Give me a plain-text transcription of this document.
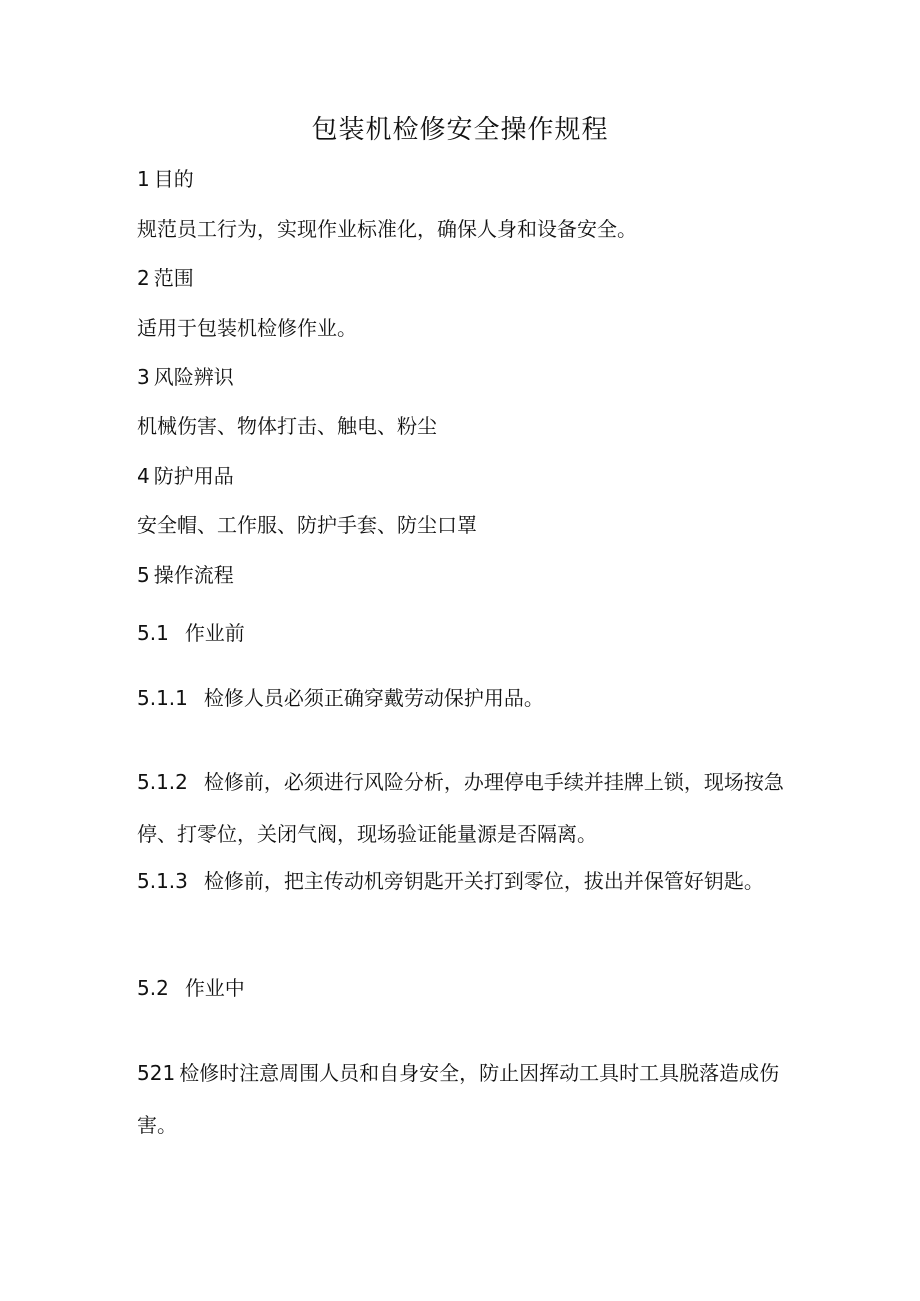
包装机检修安全操作规程
1 目的
规范员工行为，实现作业标准化，确保人身和设备安全。
2 范围
适用于包装机检修作业。
3 风险辨识
机械伤害、物体打击、触电、粉尘
4 防护用品
安全帽、工作服、防护手套、防尘口罩
5 操作流程
5.1 作业前
5.1.1 检修人员必须正确穿戴劳动保护用品。
5.1.2 检修前，必须进行风险分析，办理停电手续并挂牌上锁，现场按急停、打零位，关闭气阀，现场验证能量源是否隔离。
5.1.3 检修前，把主传动机旁钥匙开关打到零位，拔出并保管好钥匙。
5.2 作业中
521 检修时注意周围人员和自身安全，防止因挥动工具时工具脱落造成伤害。
